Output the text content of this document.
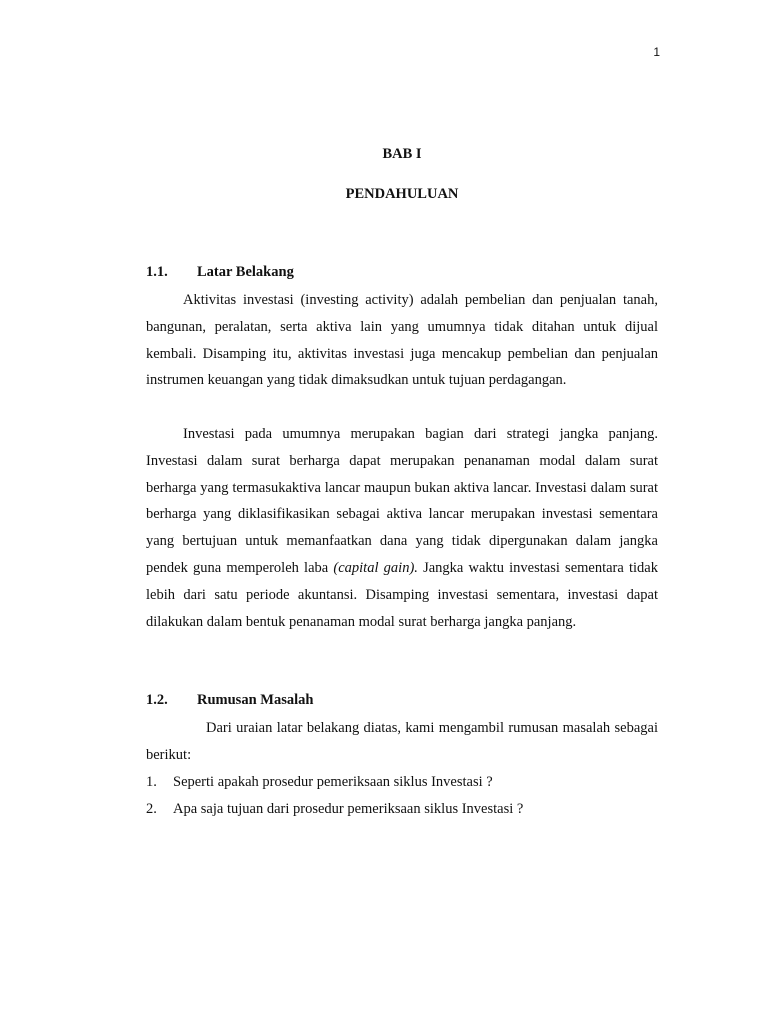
1
BAB I
PENDAHULUAN
1.1. Latar Belakang

Aktivitas investasi (investing activity) adalah pembelian dan penjualan tanah, bangunan, peralatan, serta aktiva lain yang umumnya tidak ditahan untuk dijual kembali. Disamping itu, aktivitas investasi juga mencakup pembelian dan penjualan instrumen keuangan yang tidak dimaksudkan untuk tujuan perdagangan.

Investasi pada umumnya merupakan bagian dari strategi jangka panjang. Investasi dalam surat berharga dapat merupakan penanaman modal dalam surat berharga yang termasukaktiva lancar maupun bukan aktiva lancar. Investasi dalam surat berharga yang diklasifikasikan sebagai aktiva lancar merupakan investasi sementara yang bertujuan untuk memanfaatkan dana yang tidak dipergunakan dalam jangka pendek guna memperoleh laba (capital gain). Jangka waktu investasi sementara tidak lebih dari satu periode akuntansi. Disamping investasi sementara, investasi dapat dilakukan dalam bentuk penanaman modal surat berharga jangka panjang.

1.2. Rumusan Masalah

Dari uraian latar belakang diatas, kami mengambil rumusan masalah sebagai berikut:

1. Seperti apakah prosedur pemeriksaan siklus Investasi ?
2. Apa saja tujuan dari prosedur pemeriksaan siklus Investasi ?
